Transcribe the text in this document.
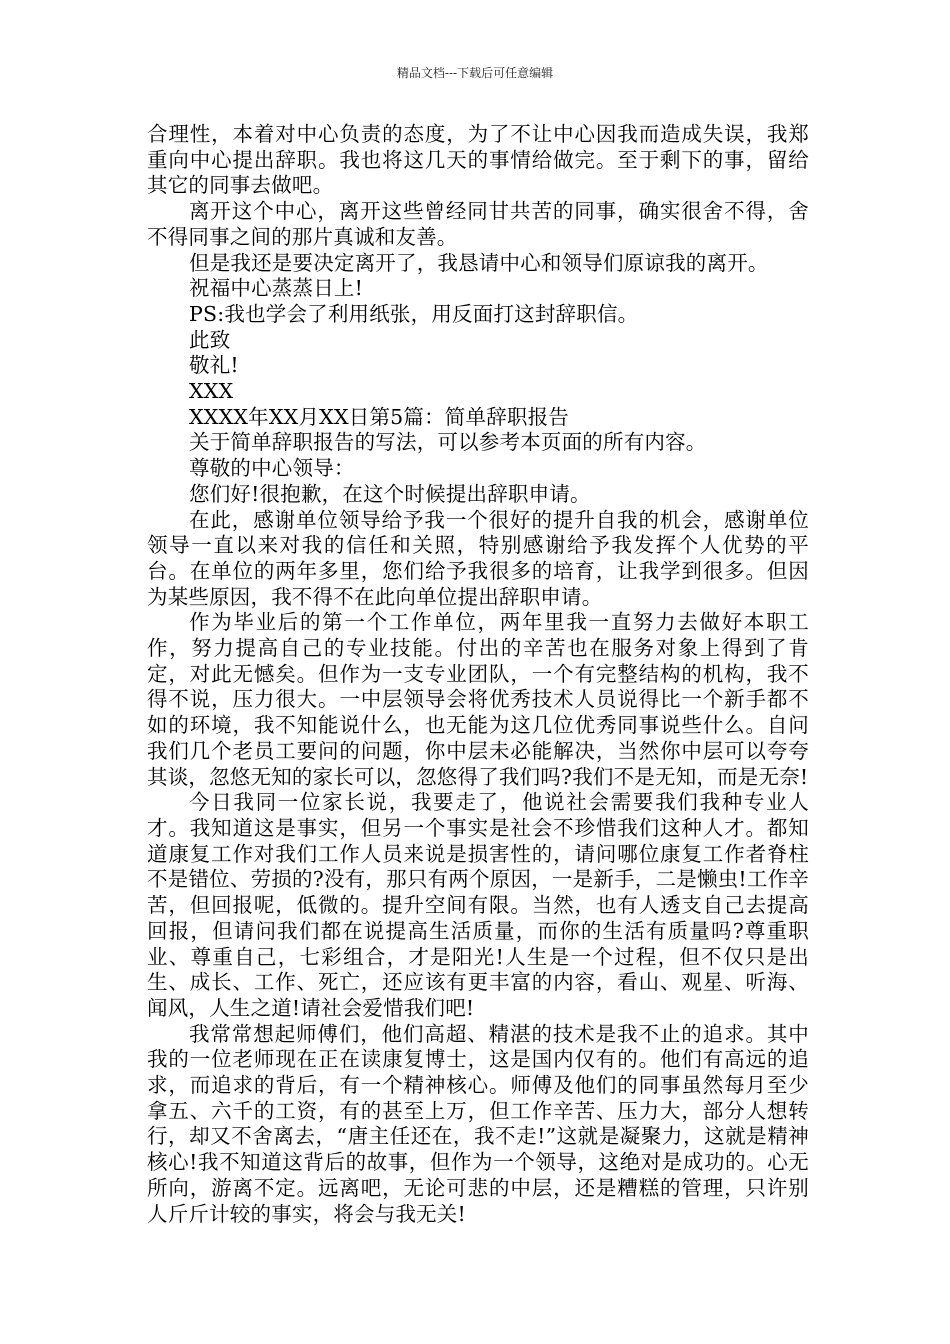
精品文档---下载后可任意编辑

合理性，本着对中心负责的态度，为了不让中心因我而造成失误，我郑重向中心提出辞职。我也将这几天的事情给做完。至于剩下的事，留给其它的同事去做吧。

离开这个中心，离开这些曾经同甘共苦的同事，确实很舍不得，舍不得同事之间的那片真诚和友善。

但是我还是要决定离开了，我恳请中心和领导们原谅我的离开。

祝福中心蒸蒸日上!

PS:我也学会了利用纸张，用反面打这封辞职信。

此致

敬礼!

XXX

XXXX年XX月XX日第5篇：简单辞职报告

关于简单辞职报告的写法，可以参考本页面的所有内容。

尊敬的中心领导：

您们好!很抱歉，在这个时候提出辞职申请。

在此，感谢单位领导给予我一个很好的提升自我的机会，感谢单位领导一直以来对我的信任和关照，特别感谢给予我发挥个人优势的平台。在单位的两年多里，您们给予我很多的培育，让我学到很多。但因为某些原因，我不得不在此向单位提出辞职申请。

作为毕业后的第一个工作单位，两年里我一直努力去做好本职工作，努力提高自己的专业技能。付出的辛苦也在服务对象上得到了肯定，对此无憾矣。但作为一支专业团队，一个有完整结构的机构，我不得不说，压力很大。一中层领导会将优秀技术人员说得比一个新手都不如的环境，我不知能说什么，也无能为这几位优秀同事说些什么。自问我们几个老员工要问的问题，你中层未必能解决，当然你中层可以夸夸其谈，忽悠无知的家长可以，忽悠得了我们吗?我们不是无知，而是无奈!

今日我同一位家长说，我要走了，他说社会需要我们我种专业人才。我知道这是事实，但另一个事实是社会不珍惜我们这种人才。都知道康复工作对我们工作人员来说是损害性的，请问哪位康复工作者脊柱不是错位、劳损的?没有，那只有两个原因，一是新手，二是懒虫!工作辛苦，但回报呢，低微的。提升空间有限。当然，也有人透支自己去提高回报，但请问我们都在说提高生活质量，而你的生活有质量吗?尊重职业、尊重自己，七彩组合，才是阳光!人生是一个过程，但不仅只是出生、成长、工作、死亡，还应该有更丰富的内容，看山、观星、听海、闻风，人生之道!请社会爱惜我们吧!

我常常想起师傅们，他们高超、精湛的技术是我不止的追求。其中我的一位老师现在正在读康复博士，这是国内仅有的。他们有高远的追求，而追求的背后，有一个精神核心。师傅及他们的同事虽然每月至少拿五、六千的工资，有的甚至上万，但工作辛苦、压力大，部分人想转行，却又不舍离去，“唐主任还在，我不走!”这就是凝聚力，这就是精神核心!我不知道这背后的故事，但作为一个领导，这绝对是成功的。心无所向，游离不定。远离吧，无论可悲的中层，还是糟糕的管理，只许别人斤斤计较的事实，将会与我无关!
